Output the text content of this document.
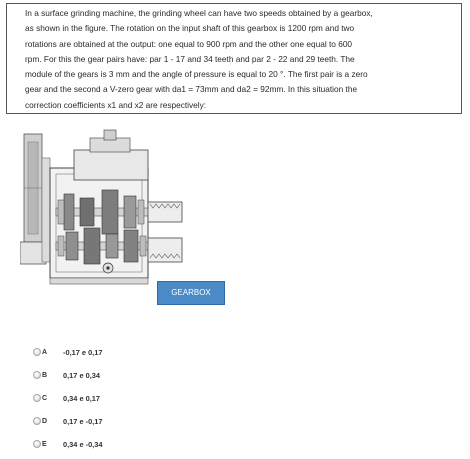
In a surface grinding machine, the grinding wheel can have two speeds obtained by a gearbox,
as shown in the figure. The rotation on the input shaft of this gearbox is 1200 rpm and two
rotations are obtained at the output: one equal to 900 rpm and the other one equal to 600
rpm. For this the gear pairs have: par 1 - 17 and 34 teeth and par 2 - 22 and 29 teeth. The
module of the gears is 3 mm and the angle of pressure is equal to 20 °. The first pair is a zero
gear and the second a V-zero gear with da1 = 73mm and da2 = 92mm. In this situation the
correction coefficients x1 and x2 are respectively:
GEARBOX
A	-0,17 e 0,17
B	0,17 e 0,34
C	0,34 e 0,17
D	0,17 e -0,17
E	0,34 e -0,34
